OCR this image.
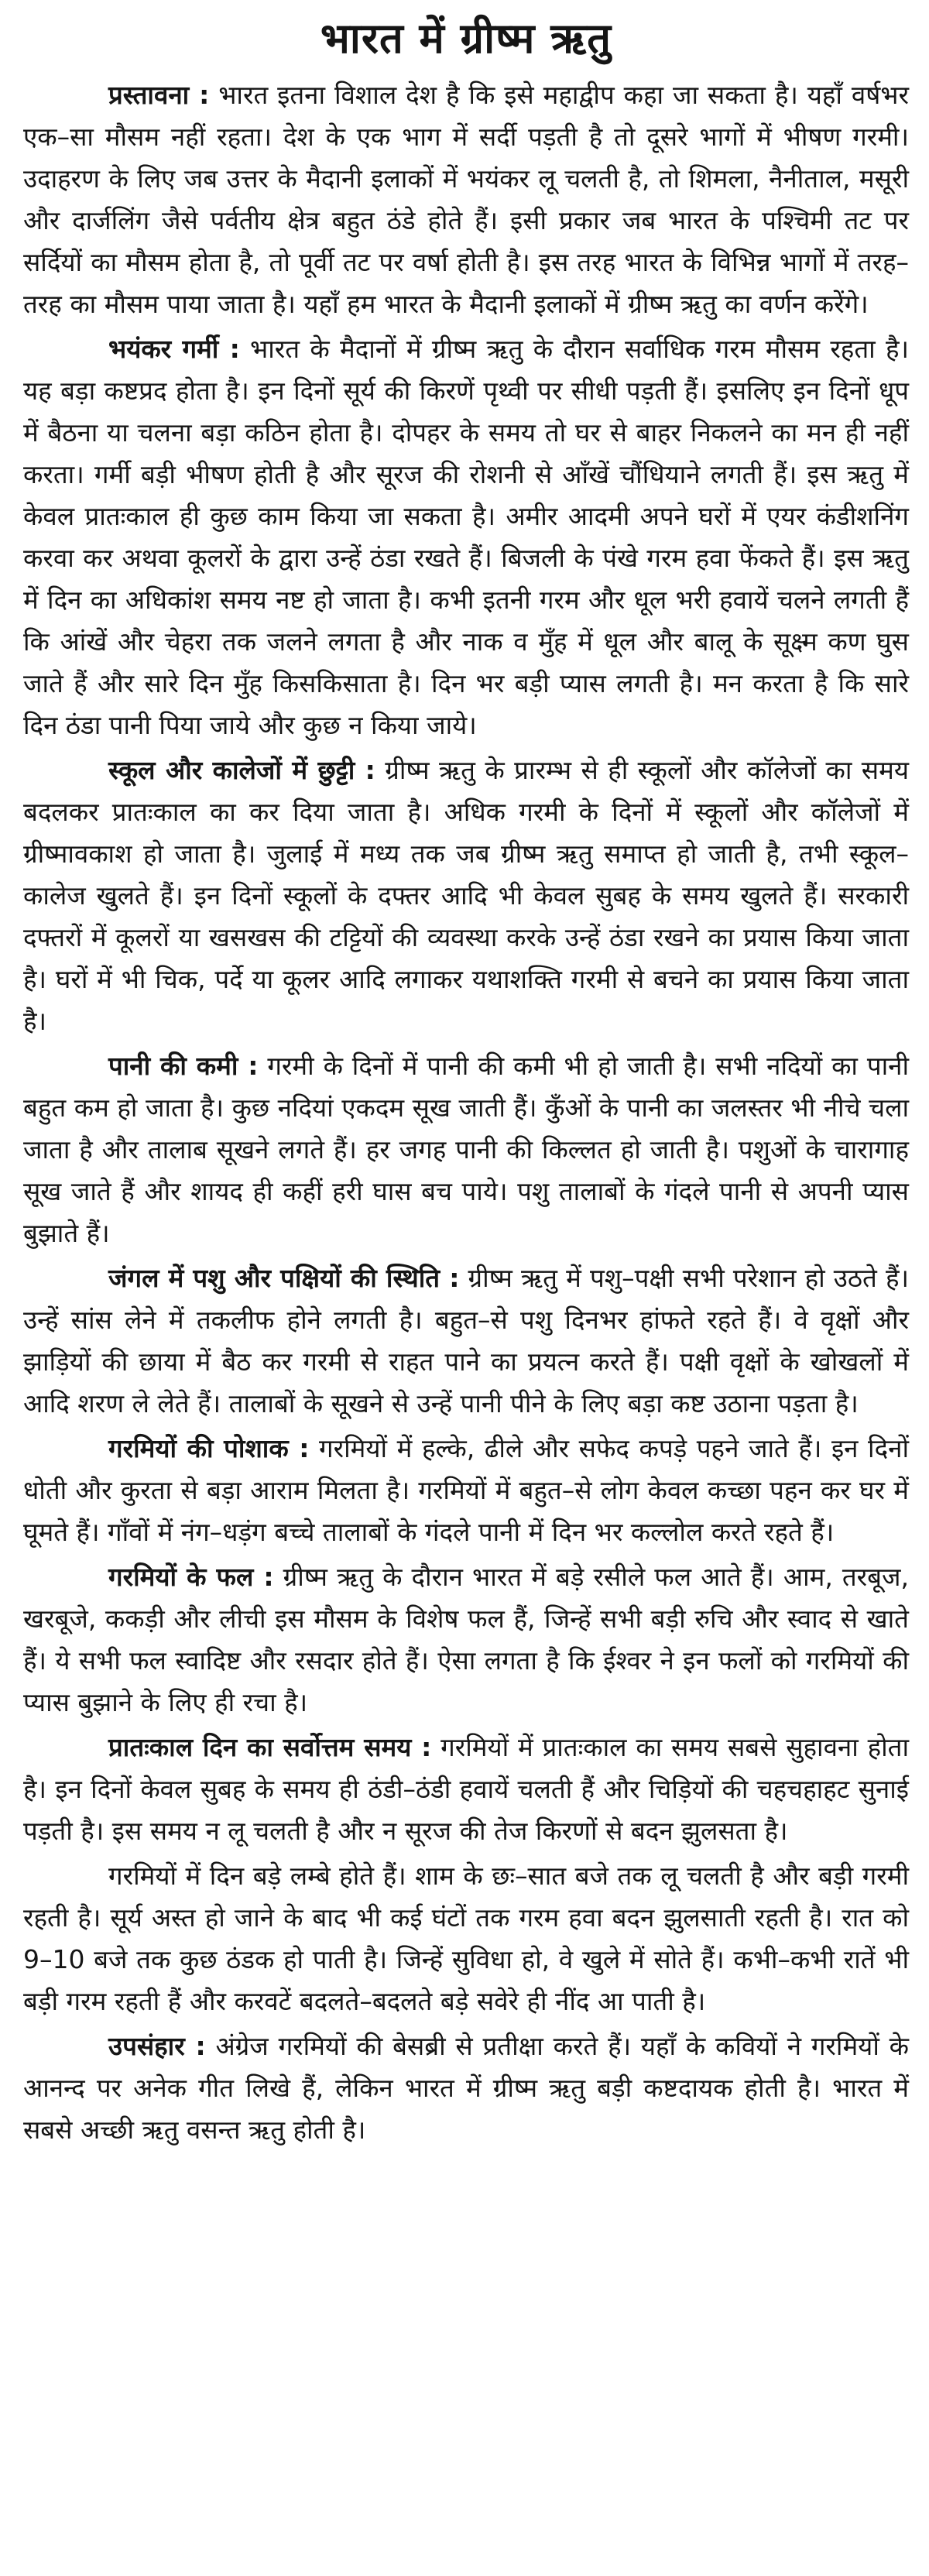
भारत में ग्रीष्म ऋतु

प्रस्तावना : भारत इतना विशाल देश है कि इसे महाद्वीप कहा जा सकता है। यहाँ वर्षभर एक–सा मौसम नहीं रहता। देश के एक भाग में सर्दी पड़ती है तो दूसरे भागों में भीषण गरमी। उदाहरण के लिए जब उत्तर के मैदानी इलाकों में भयंकर लू चलती है, तो शिमला, नैनीताल, मसूरी और दार्जलिंग जैसे पर्वतीय क्षेत्र बहुत ठंडे होते हैं। इसी प्रकार जब भारत के पश्चिमी तट पर सर्दियों का मौसम होता है, तो पूर्वी तट पर वर्षा होती है। इस तरह भारत के विभिन्न भागों में तरह–तरह का मौसम पाया जाता है। यहाँ हम भारत के मैदानी इलाकों में ग्रीष्म ऋतु का वर्णन करेंगे।

भयंकर गर्मी : भारत के मैदानों में ग्रीष्म ऋतु के दौरान सर्वाधिक गरम मौसम रहता है। यह बड़ा कष्टप्रद होता है। इन दिनों सूर्य की किरणें पृथ्वी पर सीधी पड़ती हैं। इसलिए इन दिनों धूप में बैठना या चलना बड़ा कठिन होता है। दोपहर के समय तो घर से बाहर निकलने का मन ही नहीं करता। गर्मी बड़ी भीषण होती है और सूरज की रोशनी से आँखें चौंधियाने लगती हैं। इस ऋतु में केवल प्रातःकाल ही कुछ काम किया जा सकता है। अमीर आदमी अपने घरों में एयर कंडीशनिंग करवा कर अथवा कूलरों के द्वारा उन्हें ठंडा रखते हैं। बिजली के पंखे गरम हवा फेंकते हैं। इस ऋतु में दिन का अधिकांश समय नष्ट हो जाता है। कभी इतनी गरम और धूल भरी हवायें चलने लगती हैं कि आंखें और चेहरा तक जलने लगता है और नाक व मुँह में धूल और बालू के सूक्ष्म कण घुस जाते हैं और सारे दिन मुँह किसकिसाता है। दिन भर बड़ी प्यास लगती है। मन करता है कि सारे दिन ठंडा पानी पिया जाये और कुछ न किया जाये।

स्कूल और कालेजों में छुट्टी : ग्रीष्म ऋतु के प्रारम्भ से ही स्कूलों और कॉलेजों का समय बदलकर प्रातःकाल का कर दिया जाता है। अधिक गरमी के दिनों में स्कूलों और कॉलेजों में ग्रीष्मावकाश हो जाता है। जुलाई में मध्य तक जब ग्रीष्म ऋतु समाप्त हो जाती है, तभी स्कूल–कालेज खुलते हैं। इन दिनों स्कूलों के दफ्तर आदि भी केवल सुबह के समय खुलते हैं। सरकारी दफ्तरों में कूलरों या खसखस की टट्टियों की व्यवस्था करके उन्हें ठंडा रखने का प्रयास किया जाता है। घरों में भी चिक, पर्दे या कूलर आदि लगाकर यथाशक्ति गरमी से बचने का प्रयास किया जाता है।

पानी की कमी : गरमी के दिनों में पानी की कमी भी हो जाती है। सभी नदियों का पानी बहुत कम हो जाता है। कुछ नदियां एकदम सूख जाती हैं। कुँओं के पानी का जलस्तर भी नीचे चला जाता है और तालाब सूखने लगते हैं। हर जगह पानी की किल्लत हो जाती है। पशुओं के चारागाह सूख जाते हैं और शायद ही कहीं हरी घास बच पाये। पशु तालाबों के गंदले पानी से अपनी प्यास बुझाते हैं।

जंगल में पशु और पक्षियों की स्थिति : ग्रीष्म ऋतु में पशु–पक्षी सभी परेशान हो उठते हैं। उन्हें सांस लेने में तकलीफ होने लगती है। बहुत–से पशु दिनभर हांफते रहते हैं। वे वृक्षों और झाड़ियों की छाया में बैठ कर गरमी से राहत पाने का प्रयत्न करते हैं। पक्षी वृक्षों के खोखलों में आदि शरण ले लेते हैं। तालाबों के सूखने से उन्हें पानी पीने के लिए बड़ा कष्ट उठाना पड़ता है।

गरमियों की पोशाक : गरमियों में हल्के, ढीले और सफेद कपड़े पहने जाते हैं। इन दिनों धोती और कुरता से बड़ा आराम मिलता है। गरमियों में बहुत–से लोग केवल कच्छा पहन कर घर में घूमते हैं। गाँवों में नंग–धड़ंग बच्चे तालाबों के गंदले पानी में दिन भर कल्लोल करते रहते हैं।

गरमियों के फल : ग्रीष्म ऋतु के दौरान भारत में बड़े रसीले फल आते हैं। आम, तरबूज, खरबूजे, ककड़ी और लीची इस मौसम के विशेष फल हैं, जिन्हें सभी बड़ी रुचि और स्वाद से खाते हैं। ये सभी फल स्वादिष्ट और रसदार होते हैं। ऐसा लगता है कि ईश्वर ने इन फलों को गरमियों की प्यास बुझाने के लिए ही रचा है।

प्रातःकाल दिन का सर्वोत्तम समय : गरमियों में प्रातःकाल का समय सबसे सुहावना होता है। इन दिनों केवल सुबह के समय ही ठंडी–ठंडी हवायें चलती हैं और चिड़ियों की चहचहाहट सुनाई पड़ती है। इस समय न लू चलती है और न सूरज की तेज किरणों से बदन झुलसता है।

गरमियों में दिन बड़े लम्बे होते हैं। शाम के छः–सात बजे तक लू चलती है और बड़ी गरमी रहती है। सूर्य अस्त हो जाने के बाद भी कई घंटों तक गरम हवा बदन झुलसाती रहती है। रात को 9–10 बजे तक कुछ ठंडक हो पाती है। जिन्हें सुविधा हो, वे खुले में सोते हैं। कभी–कभी रातें भी बड़ी गरम रहती हैं और करवटें बदलते–बदलते बड़े सवेरे ही नींद आ पाती है।

उपसंहार : अंग्रेज गरमियों की बेसब्री से प्रतीक्षा करते हैं। यहाँ के कवियों ने गरमियों के आनन्द पर अनेक गीत लिखे हैं, लेकिन भारत में ग्रीष्म ऋतु बड़ी कष्टदायक होती है। भारत में सबसे अच्छी ऋतु वसन्त ऋतु होती है।
